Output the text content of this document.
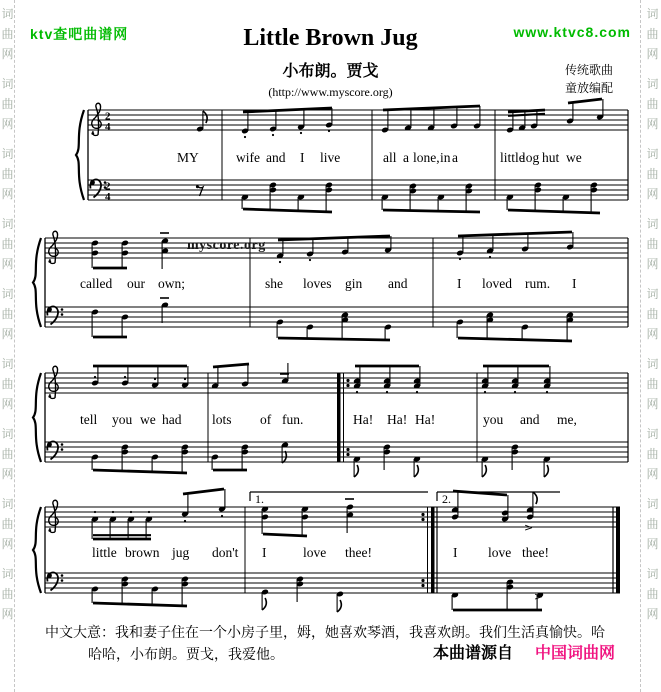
词
曲
网
词
曲
网
词
曲
网
词
曲
网
词
曲
网
词
曲
网
词
曲
网
词
曲
网
词
曲
网
词
曲
网
词
曲
网
词
曲
网
词
曲
网
词
曲
网
词
曲
网
词
曲
网
词
曲
网
词
曲
网
ktv查吧曲谱网	www.ktvc8.com
Little Brown Jug
小布朗。贾戈
(http://www.myscore.org)
传统歌曲
童放编配
2
4
2
4
myscore.org
1.	2.
>
>
MY	wife and I live	all a lone, in a	little
log hut we
called our own;	she loves gin and	I loved rum. I
tell you we had lots of fun.	Ha! Ha! Ha!	you and me,
little brown jug don't I	love thee!	I love thee!
中文大意：我和妻子住在一个小房子里，姆，她喜欢琴酒，我喜欢朗。我们生活真愉快。哈
哈哈，小布朗。贾戈，我爱他。	本曲谱源自 中国词曲网
